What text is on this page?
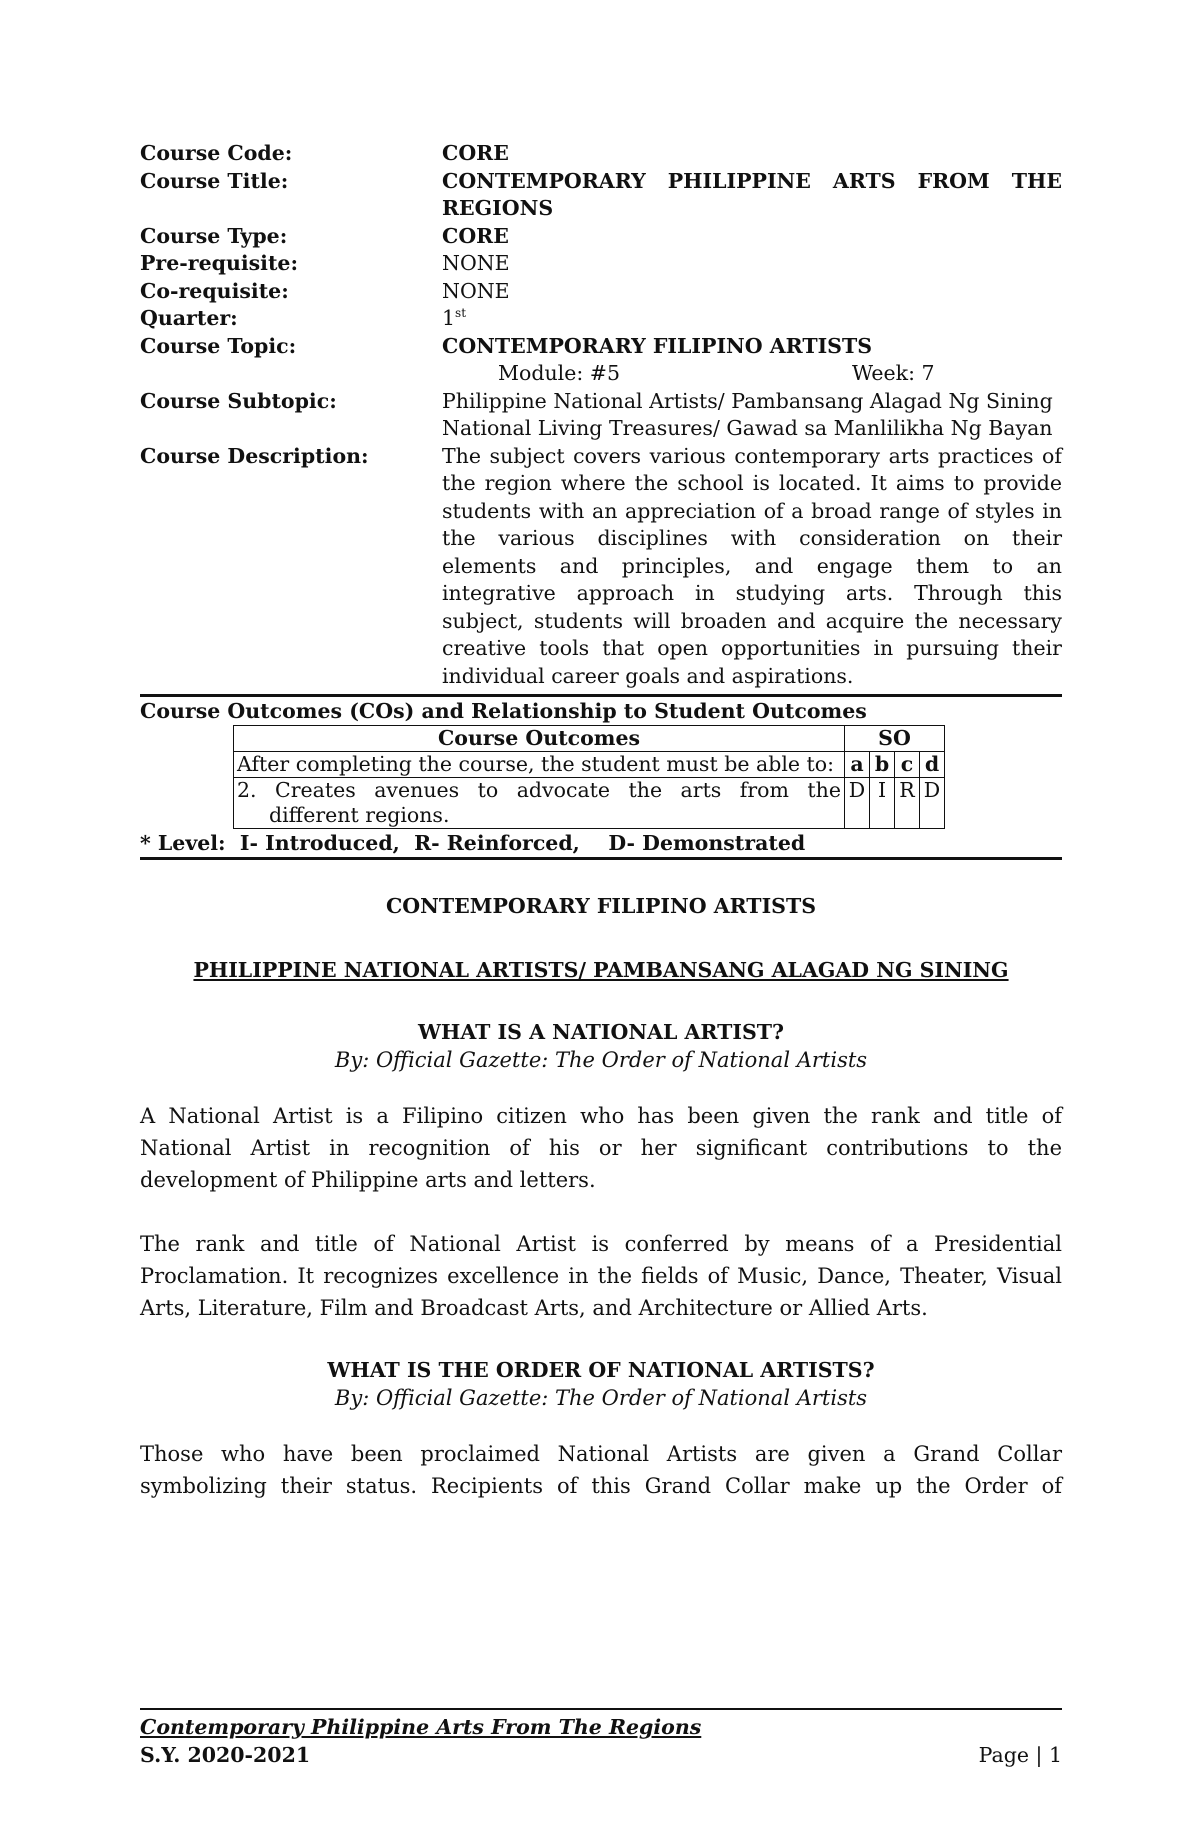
Course Code:	CORE
Course Title:	CONTEMPORARY PHILIPPINE ARTS FROM THE REGIONS
Course Type:	CORE
Pre-requisite:	NONE
Co-requisite:	NONE
Quarter:	1st
Course Topic:	CONTEMPORARY FILIPINO ARTISTS
Module: #5	Week: 7
Course Subtopic:	Philippine National Artists/ Pambansang Alagad Ng Sining
National Living Treasures/ Gawad sa Manlilikha Ng Bayan
Course Description:	The subject covers various contemporary arts practices of the region where the school is located. It aims to provide students with an appreciation of a broad range of styles in the various disciplines with consideration on their elements and principles, and engage them to an integrative approach in studying arts. Through this subject, students will broaden and acquire the necessary creative tools that open opportunities in pursuing their individual career goals and aspirations.
Course Outcomes (COs) and Relationship to Student Outcomes
Course Outcomes	SO			
After completing the course, the student must be able to:	a	b	c	d

2. Creates avenues to advocate the arts from the different regions.	D	I	R	D
* Level:  I- Introduced,  R- Reinforced,    D- Demonstrated
CONTEMPORARY FILIPINO ARTISTS
PHILIPPINE NATIONAL ARTISTS/ PAMBANSANG ALAGAD NG SINING
WHAT IS A NATIONAL ARTIST?
By: Official Gazette: The Order of National Artists
A National Artist is a Filipino citizen who has been given the rank and title of National Artist in recognition of his or her significant contributions to the development of Philippine arts and letters.
The rank and title of National Artist is conferred by means of a Presidential Proclamation. It recognizes excellence in the fields of Music, Dance, Theater, Visual Arts, Literature, Film and Broadcast Arts, and Architecture or Allied Arts.
WHAT IS THE ORDER OF NATIONAL ARTISTS?
By: Official Gazette: The Order of National Artists
Those who have been proclaimed National Artists are given a Grand Collar symbolizing their status. Recipients of this Grand Collar make up the Order of
Contemporary Philippine Arts From The Regions
S.Y. 2020-2021	Page | 1
